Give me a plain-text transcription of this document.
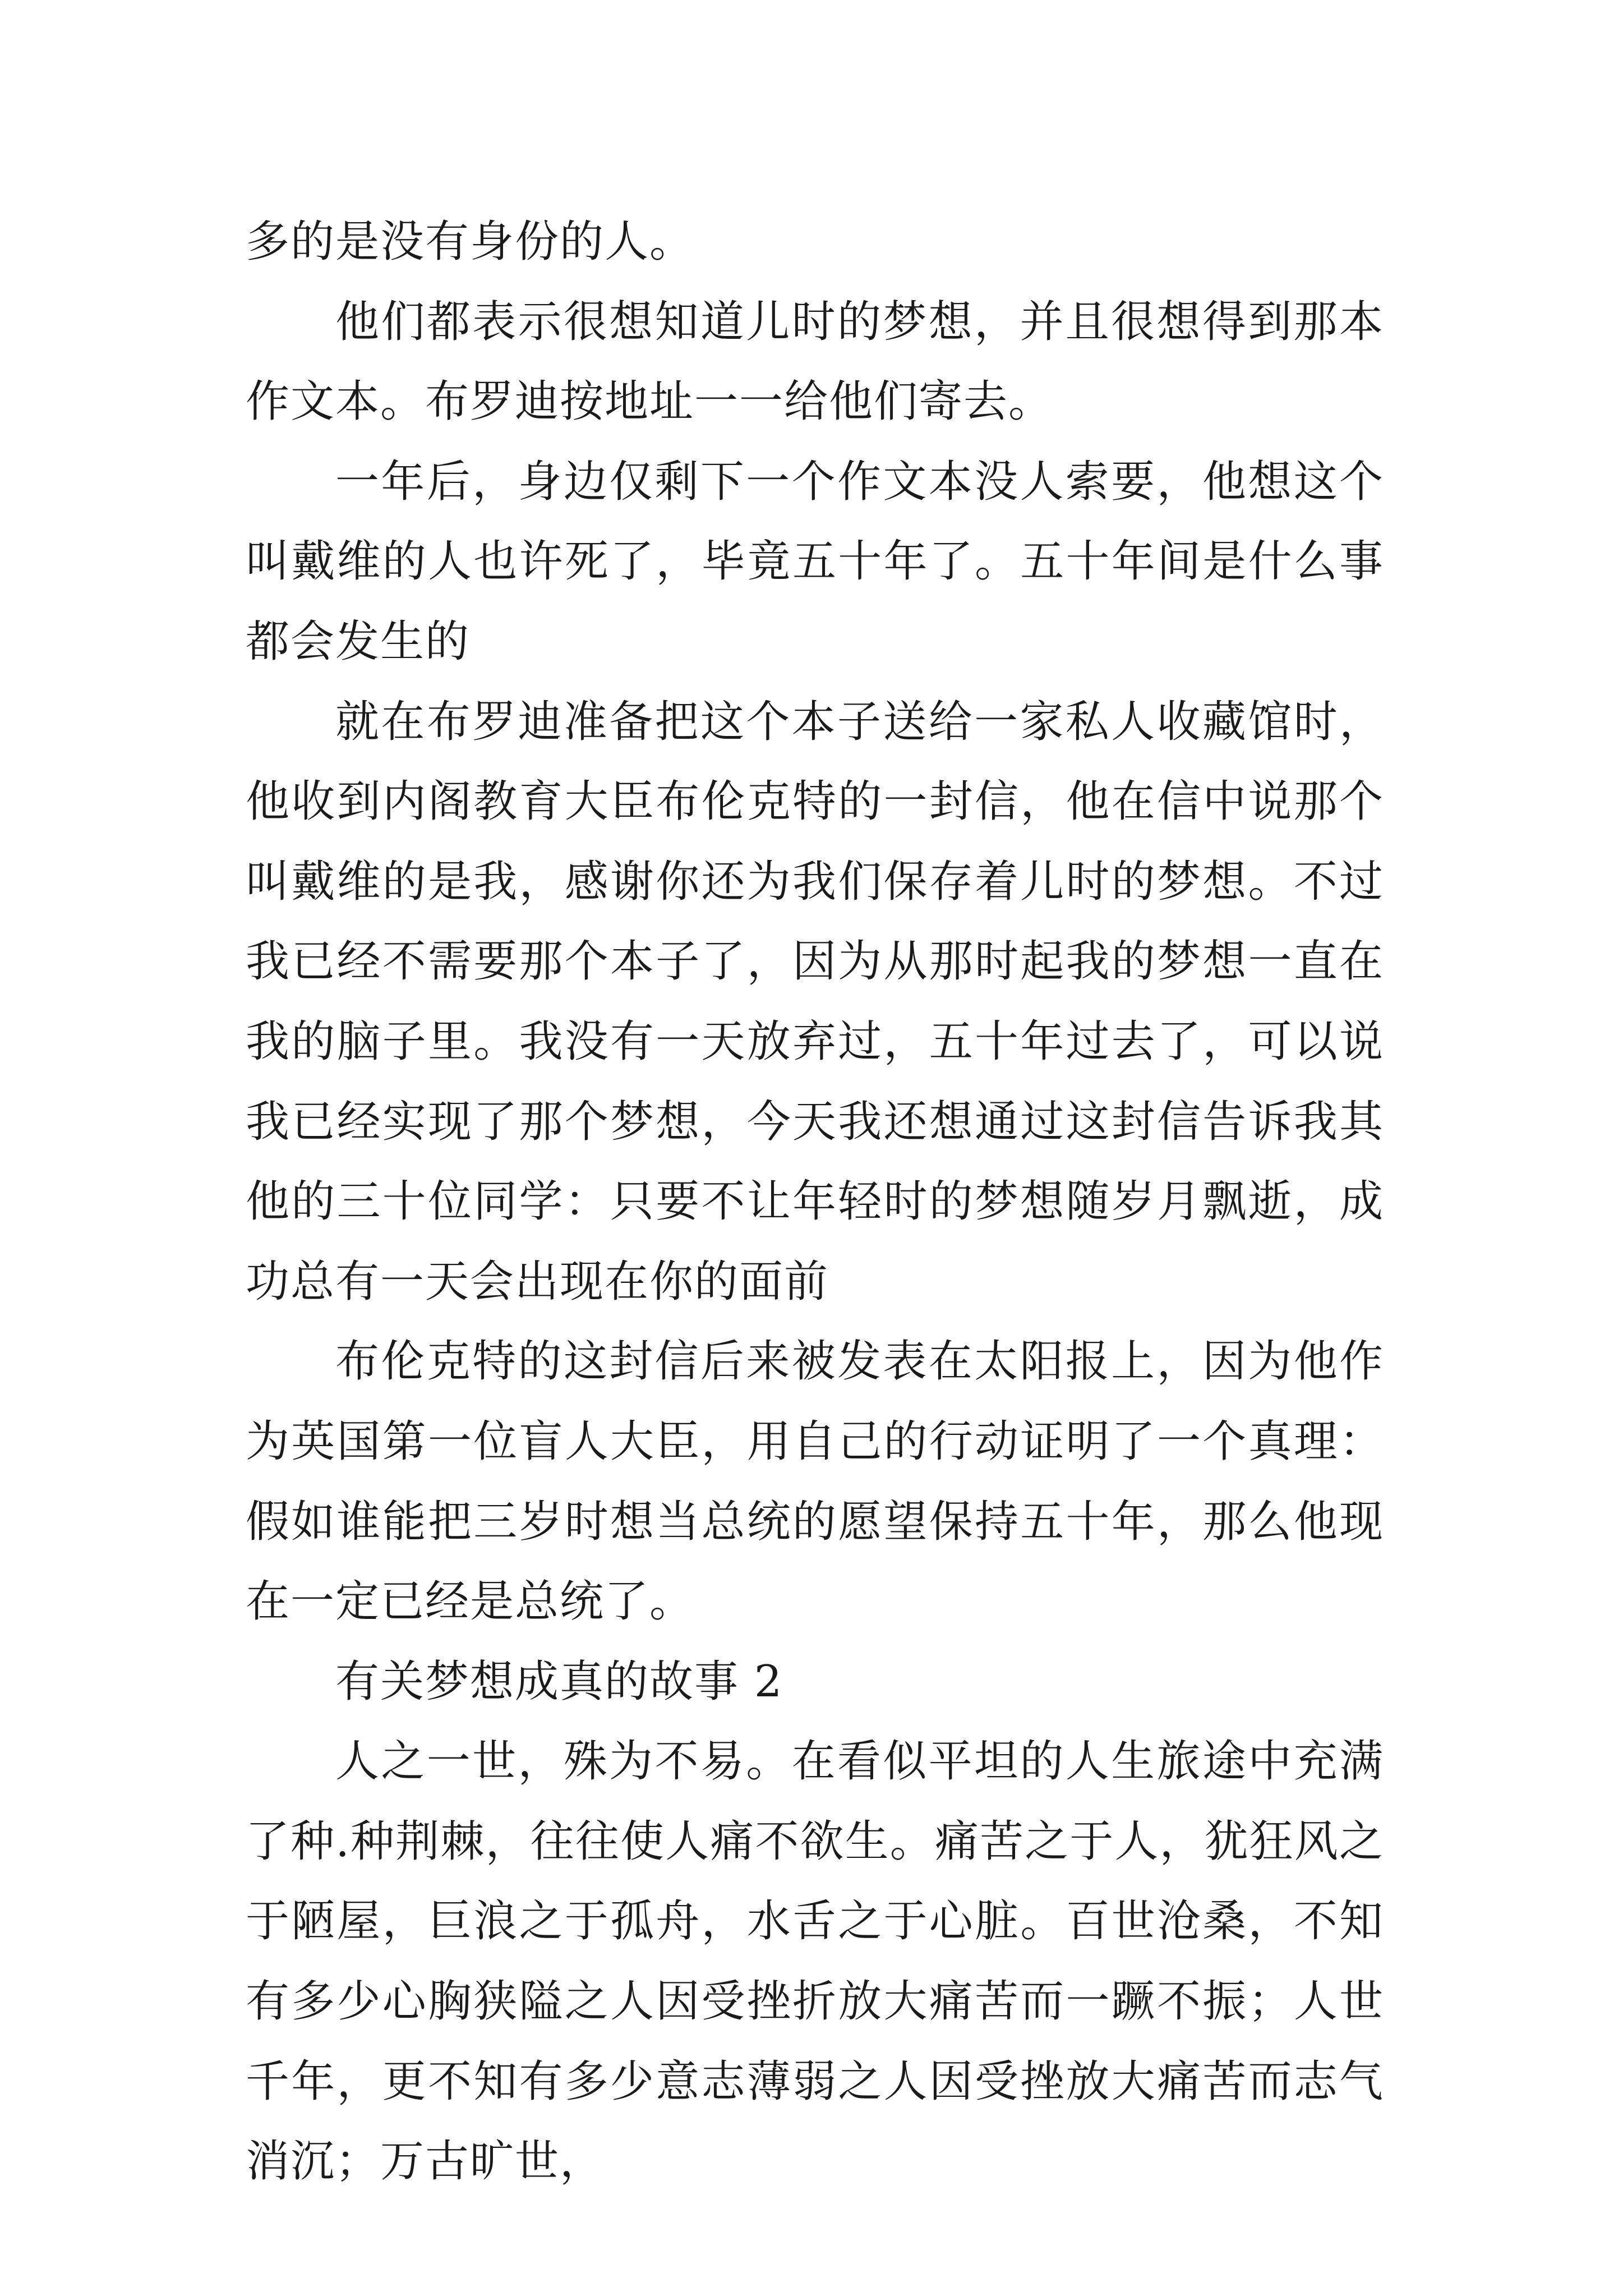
多的是没有身份的人。

他们都表示很想知道儿时的梦想，并且很想得到那本作文本。布罗迪按地址一一给他们寄去。

一年后，身边仅剩下一个作文本没人索要，他想这个叫戴维的人也许死了，毕竟五十年了。五十年间是什么事都会发生的

就在布罗迪准备把这个本子送给一家私人收藏馆时，他收到内阁教育大臣布伦克特的一封信，他在信中说那个叫戴维的是我，感谢你还为我们保存着儿时的梦想。不过我已经不需要那个本子了，因为从那时起我的梦想一直在我的脑子里。我没有一天放弃过，五十年过去了，可以说我已经实现了那个梦想，今天我还想通过这封信告诉我其他的三十位同学：只要不让年轻时的梦想随岁月飘逝，成功总有一天会出现在你的面前

布伦克特的这封信后来被发表在太阳报上，因为他作为英国第一位盲人大臣，用自己的行动证明了一个真理：假如谁能把三岁时想当总统的愿望保持五十年，那么他现在一定已经是总统了。

有关梦想成真的故事 2

人之一世，殊为不易。在看似平坦的人生旅途中充满了种.种荆棘，往往使人痛不欲生。痛苦之于人，犹狂风之于陋屋，巨浪之于孤舟，水舌之于心脏。百世沧桑，不知有多少心胸狭隘之人因受挫折放大痛苦而一蹶不振；人世千年，更不知有多少意志薄弱之人因受挫放大痛苦而志气消沉；万古旷世，
